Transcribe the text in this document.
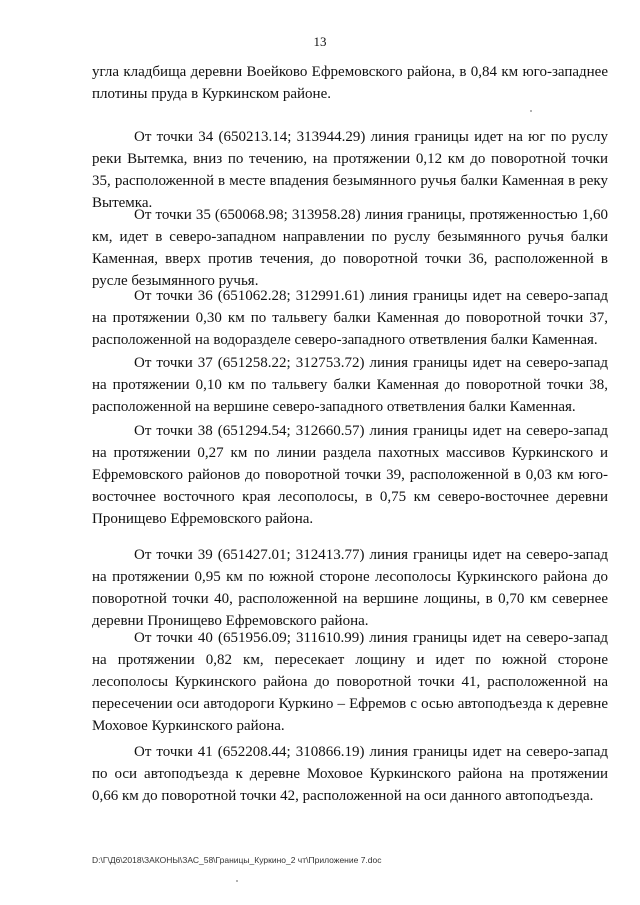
13

угла кладбища деревни Воейково Ефремовского района, в 0,84 км юго-западнее плотины пруда в Куркинском районе.

От точки 34 (650213.14; 313944.29) линия границы идет на юг по руслу реки Вытемка, вниз по течению, на протяжении 0,12 км до поворотной точки 35, расположенной в месте впадения безымянного ручья балки Каменная в реку Вытемка.

От точки 35 (650068.98; 313958.28) линия границы, протяженностью 1,60 км, идет в северо-западном направлении по руслу безымянного ручья балки Каменная, вверх против течения, до поворотной точки 36, расположенной в русле безымянного ручья.

От точки 36 (651062.28; 312991.61) линия границы идет на северо-запад на протяжении 0,30 км по тальвегу балки Каменная до поворотной точки 37, расположенной на водоразделе северо-западного ответвления балки Каменная.

От точки 37 (651258.22; 312753.72) линия границы идет на северо-запад на протяжении 0,10 км по тальвегу балки Каменная до поворотной точки 38, расположенной на вершине северо-западного ответвления балки Каменная.

От точки 38 (651294.54; 312660.57) линия границы идет на северо-запад на протяжении 0,27 км по линии раздела пахотных массивов Куркинского и Ефремовского районов до поворотной точки 39, расположенной в 0,03 км юго-восточнее восточного края лесополосы, в 0,75 км северо-восточнее деревни Пронищево Ефремовского района.

От точки 39 (651427.01; 312413.77) линия границы идет на северо-запад на протяжении 0,95 км по южной стороне лесополосы Куркинского района до поворотной точки 40, расположенной на вершине лощины, в 0,70 км севернее деревни Пронищево Ефремовского района.

От точки 40 (651956.09; 311610.99) линия границы идет на северо-запад на протяжении 0,82 км, пересекает лощину и идет по южной стороне лесополосы Куркинского района до поворотной точки 41, расположенной на пересечении оси автодороги Куркино – Ефремов с осью автоподъезда к деревне Моховое Куркинского района.

От точки 41 (652208.44; 310866.19) линия границы идет на северо-запад по оси автоподъезда к деревне Моховое Куркинского района на протяжении 0,66 км до поворотной точки 42, расположенной на оси данного автоподъезда.

D:\Г\Д6\2018\ЗАКОНЫ\ЗАС_58\Границы_Куркино_2 чт\Приложение 7.doc
